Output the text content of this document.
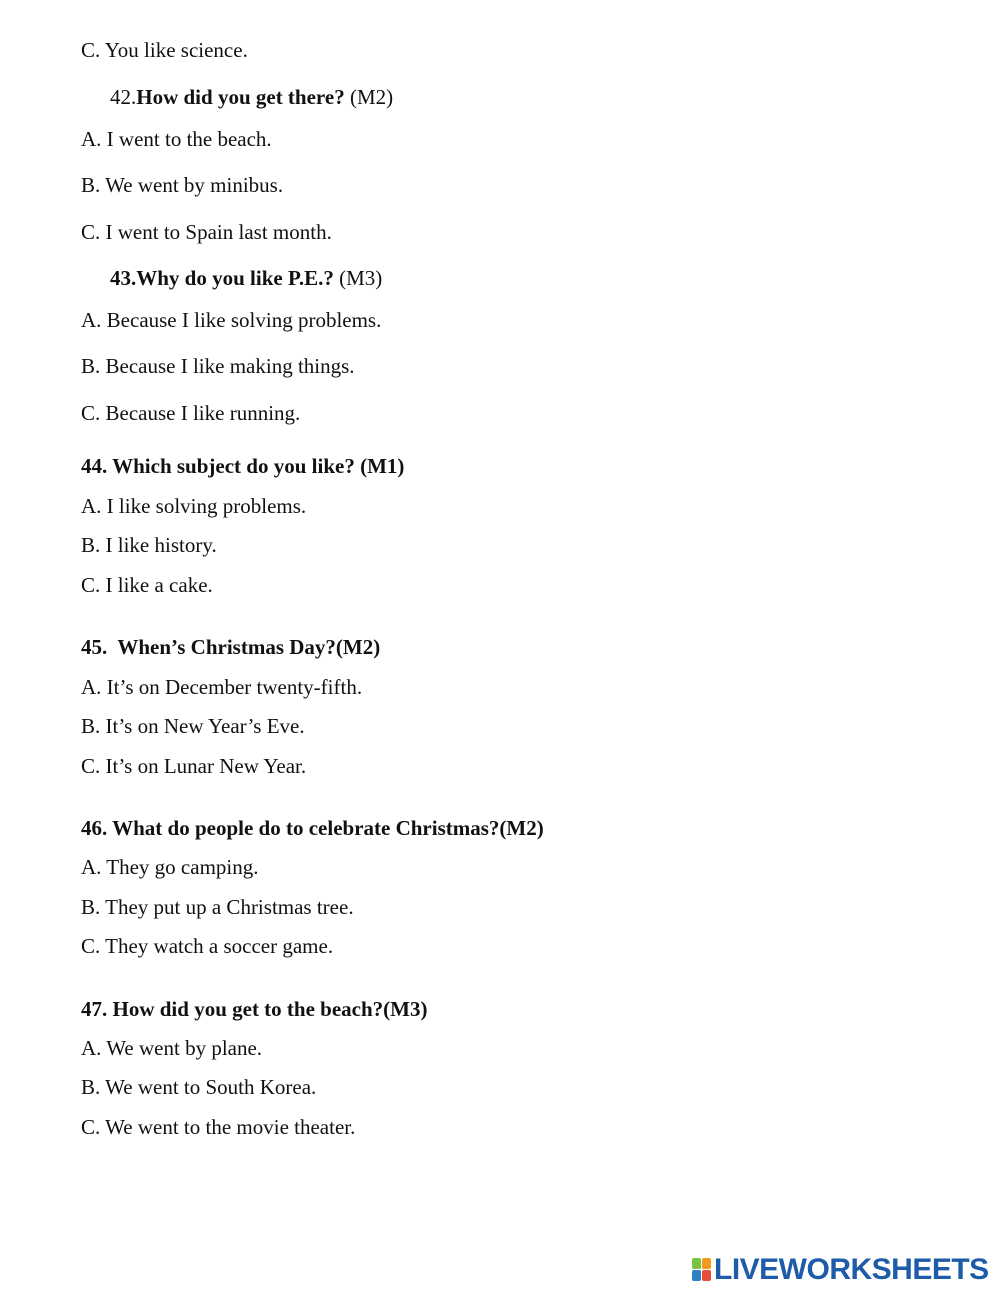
C. You like science.
42.How did you get there? (M2)
A. I went to the beach.
B. We went by minibus.
C. I went to Spain last month.
43.Why do you like P.E.? (M3)
A. Because I like solving problems.
B. Because I like making things.
C. Because I like running.
44. Which subject do you like? (M1)
A. I like solving problems.
B. I like history.
C. I like a cake.
45.  When’s Christmas Day?(M2)
A. It’s on December twenty-fifth.
B. It’s on New Year’s Eve.
C. It’s on Lunar New Year.
46. What do people do to celebrate Christmas?(M2)
A. They go camping.
B. They put up a Christmas tree.
C. They watch a soccer game.
47. How did you get to the beach?(M3)
A. We went by plane.
B. We went to South Korea.
C. We went to the movie theater.
LIVEWORKSHEETS
